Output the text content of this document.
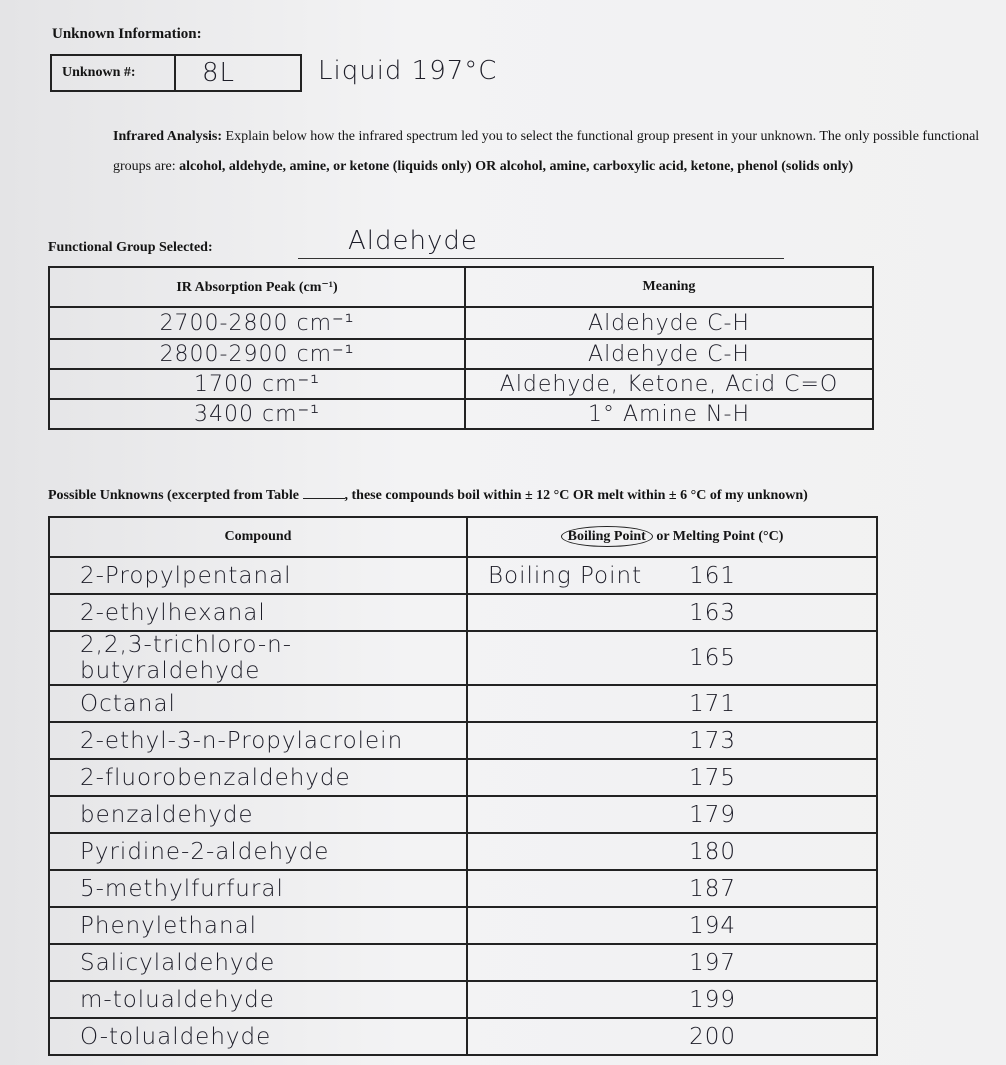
Unknown Information:
Unknown #:	8L	Liquid 197°C
Infrared Analysis: Explain below how the infrared spectrum led you to select the functional group present in your unknown. The only possible functional groups are: alcohol, aldehyde, amine, or ketone (liquids only) OR alcohol, amine, carboxylic acid, ketone, phenol (solids only)
Functional Group Selected:	Aldehyde
IR Absorption Peak (cm⁻¹)	Meaning
2700-2800 cm⁻¹	Aldehyde C-H
2800-2900 cm⁻¹	Aldehyde C-H
1700 cm⁻¹	Aldehyde, Ketone, Acid C=O
3400 cm⁻¹	1° Amine N-H
Possible Unknowns (excerpted from Table	, these compounds boil within ± 12 °C OR melt within ± 6 °C of my unknown)
Compound	Boiling Point or Melting Point (°C)
2-Propylpentanal	Boiling Point 161
2-ethylhexanal	163
2,2,3-trichloro-n-butyraldehyde	165
Octanal	171
2-ethyl-3-n-Propylacrolein	173
2-fluorobenzaldehyde	175
benzaldehyde	179
Pyridine-2-aldehyde	180
5-methylfurfural	187
Phenylethanal	194
Salicylaldehyde	197
m-tolualdehyde	199
O-tolualdehyde	200
